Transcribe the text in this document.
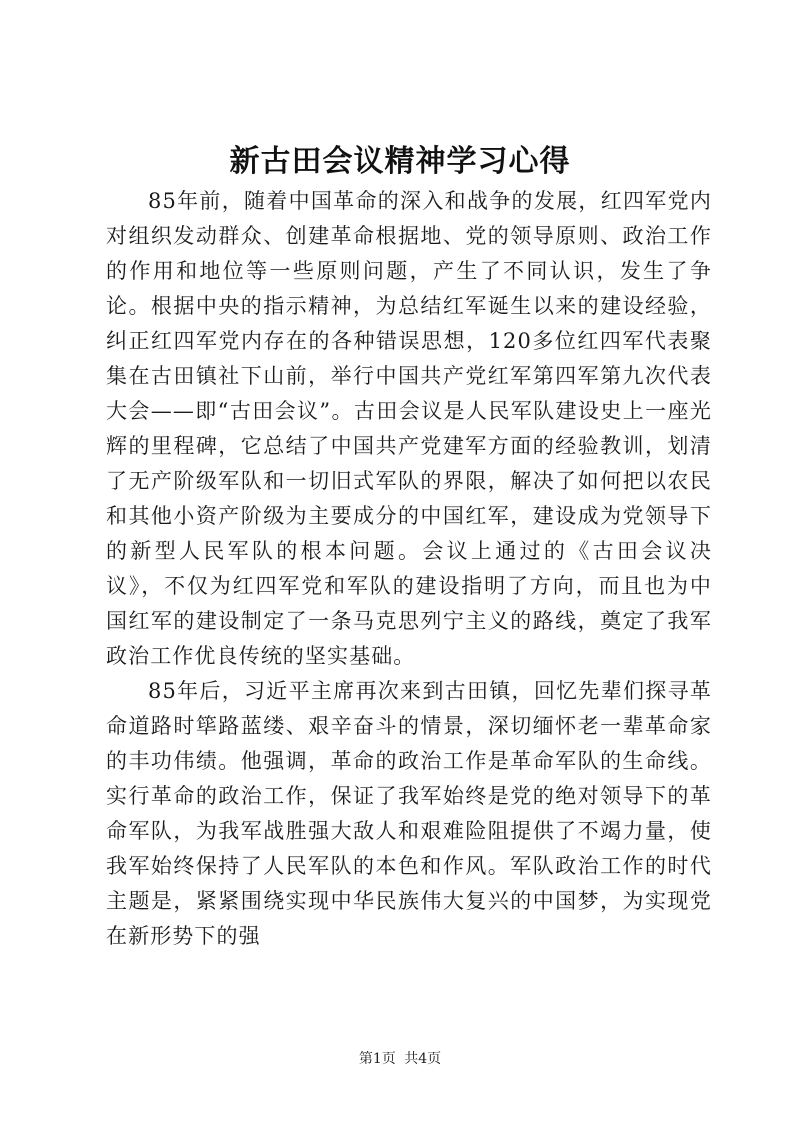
新古田会议精神学习心得

85年前，随着中国革命的深入和战争的发展，红四军党内对组织发动群众、创建革命根据地、党的领导原则、政治工作的作用和地位等一些原则问题，产生了不同认识，发生了争论。根据中央的指示精神，为总结红军诞生以来的建设经验，纠正红四军党内存在的各种错误思想，120多位红四军代表聚集在古田镇社下山前，举行中国共产党红军第四军第九次代表大会——即“古田会议”。古田会议是人民军队建设史上一座光辉的里程碑，它总结了中国共产党建军方面的经验教训，划清了无产阶级军队和一切旧式军队的界限，解决了如何把以农民和其他小资产阶级为主要成分的中国红军，建设成为党领导下的新型人民军队的根本问题。会议上通过的《古田会议决议》，不仅为红四军党和军队的建设指明了方向，而且也为中国红军的建设制定了一条马克思列宁主义的路线，奠定了我军政治工作优良传统的坚实基础。

85年后，习近平主席再次来到古田镇，回忆先辈们探寻革命道路时筚路蓝缕、艰辛奋斗的情景，深切缅怀老一辈革命家的丰功伟绩。他强调，革命的政治工作是革命军队的生命线。实行革命的政治工作，保证了我军始终是党的绝对领导下的革命军队，为我军战胜强大敌人和艰难险阻提供了不竭力量，使我军始终保持了人民军队的本色和作风。军队政治工作的时代主题是，紧紧围绕实现中华民族伟大复兴的中国梦，为实现党在新形势下的强

第1页 共4页
